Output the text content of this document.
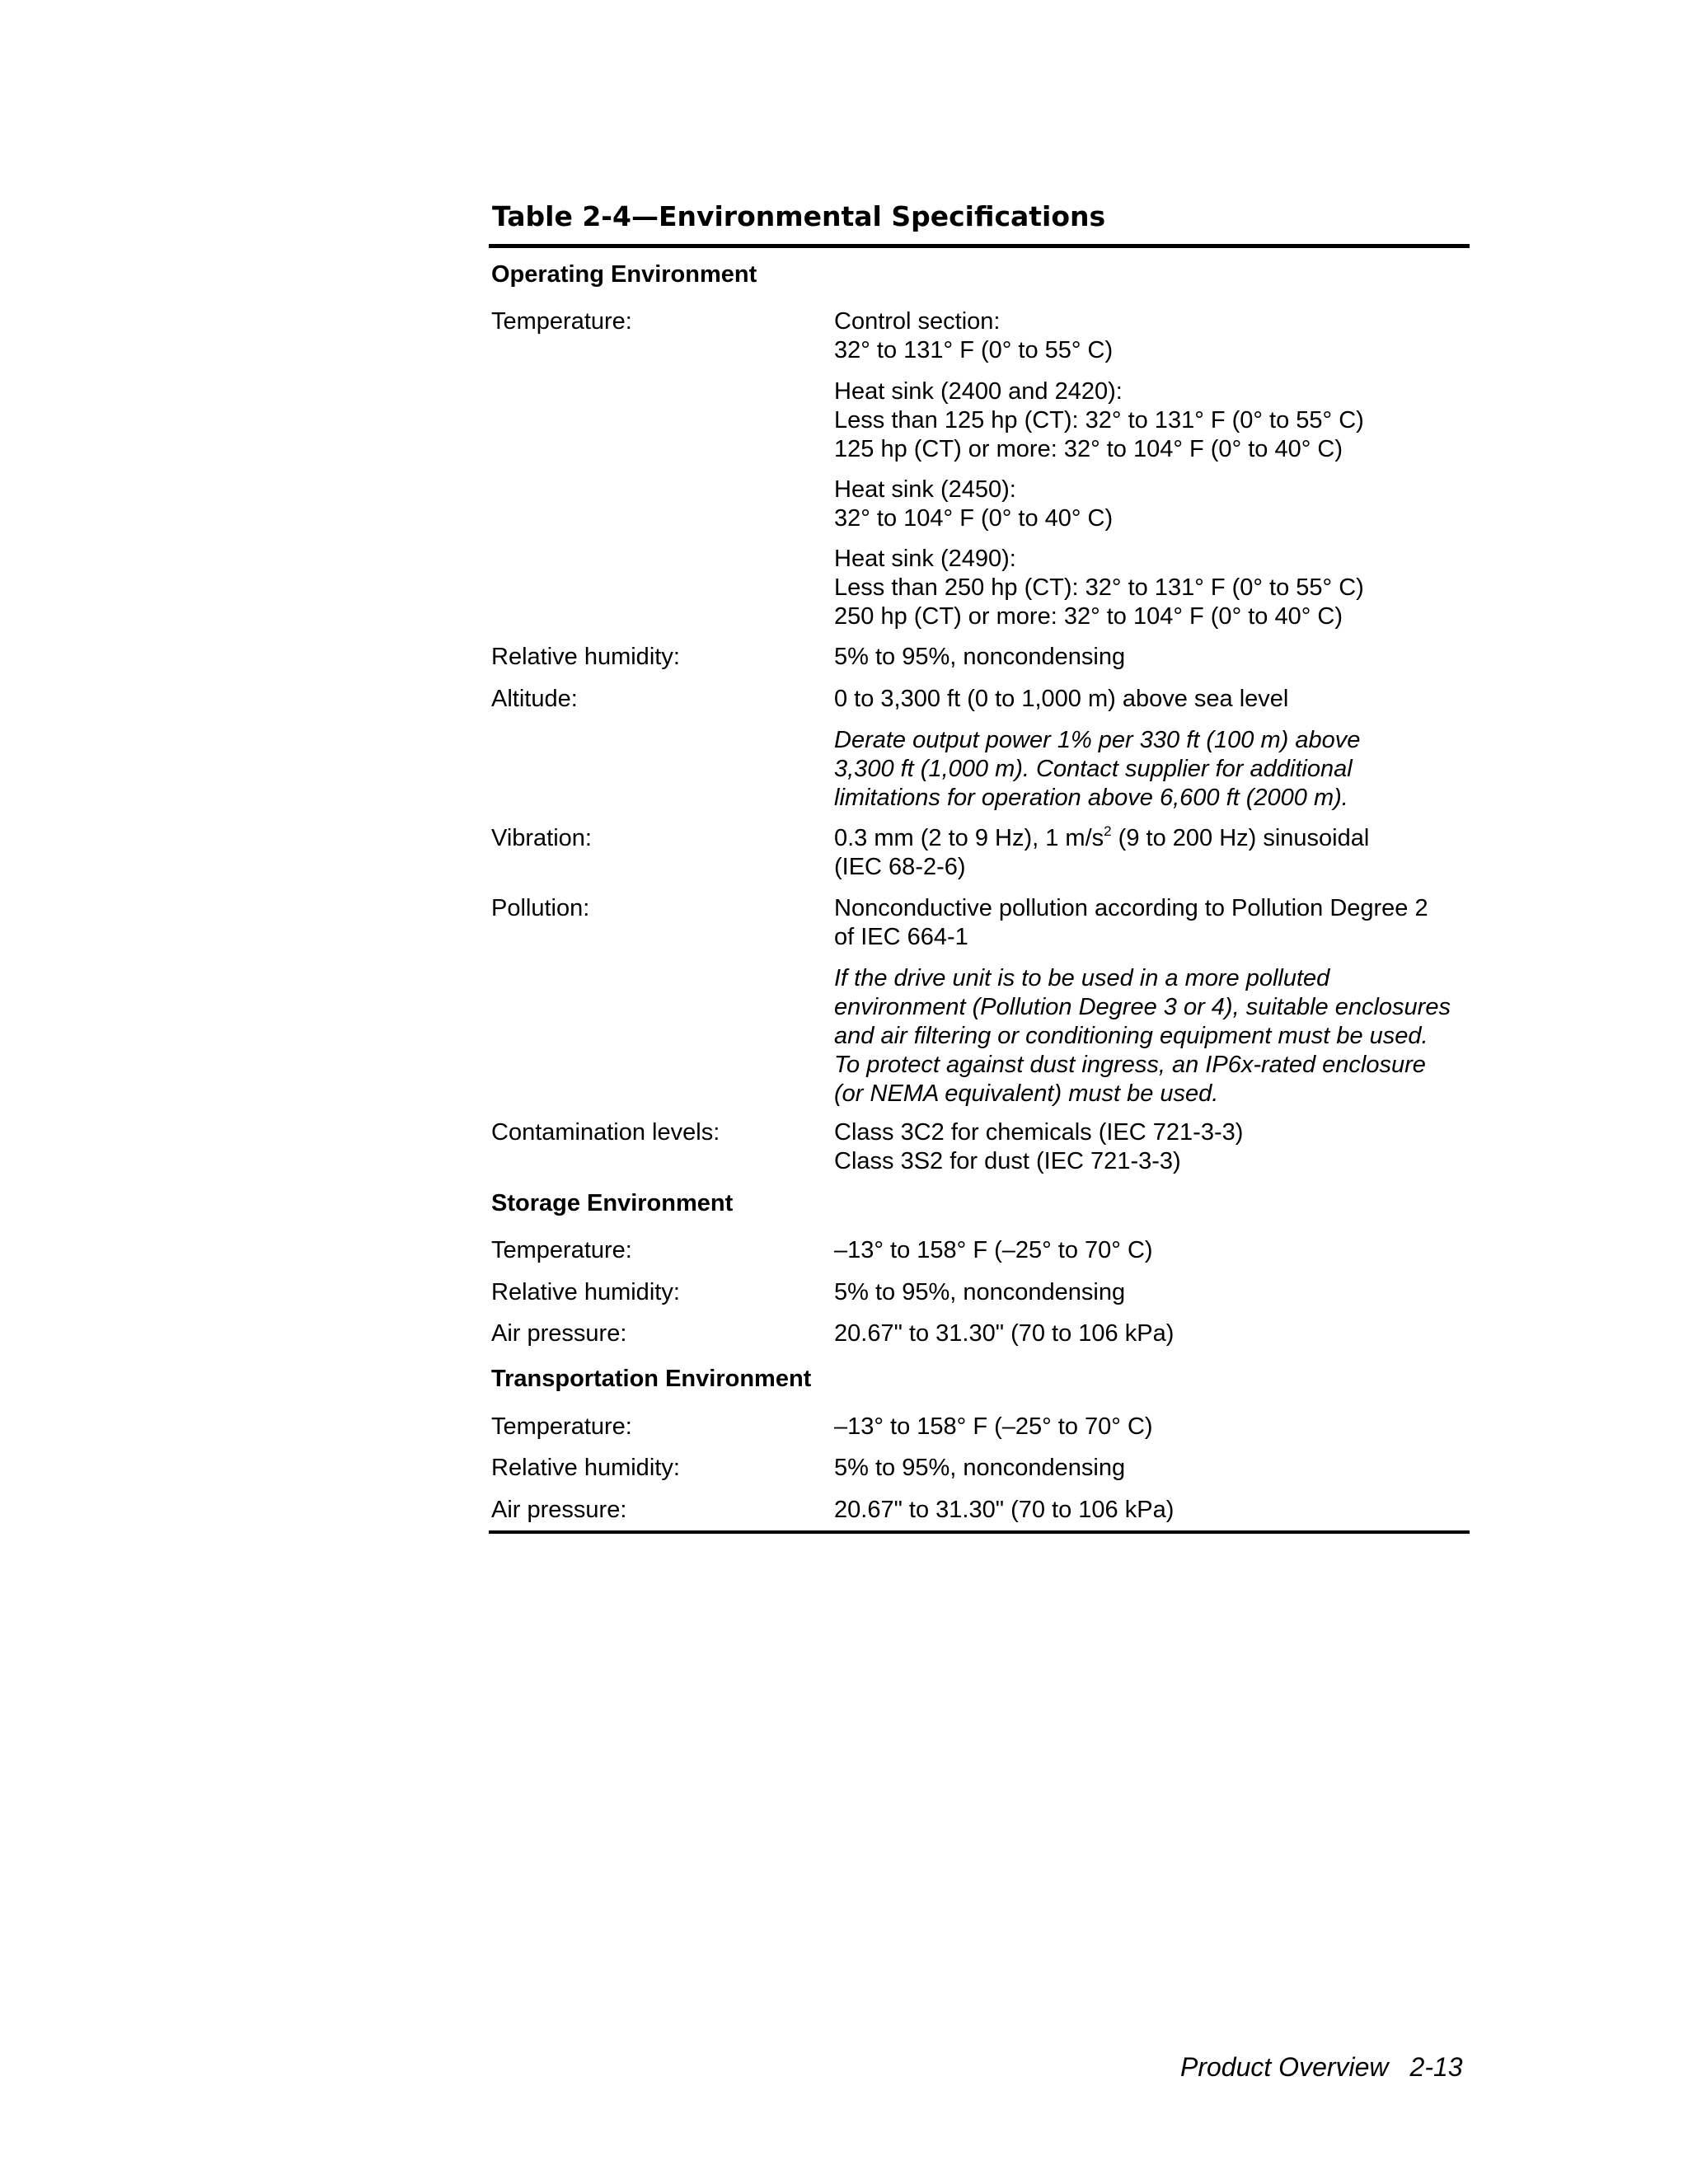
Table 2-4—Environmental Specifications
Operating Environment
Temperature:	Control section:
32° to 131° F (0° to 55° C)
Heat sink (2400 and 2420):
Less than 125 hp (CT): 32° to 131° F (0° to 55° C)
125 hp (CT) or more: 32° to 104° F (0° to 40° C)
Heat sink (2450):
32° to 104° F (0° to 40° C)
Heat sink (2490):
Less than 250 hp (CT): 32° to 131° F (0° to 55° C)
250 hp (CT) or more: 32° to 104° F (0° to 40° C)
Relative humidity:	5% to 95%, noncondensing
Altitude:	0 to 3,300 ft (0 to 1,000 m) above sea level
Derate output power 1% per 330 ft (100 m) above
3,300 ft (1,000 m). Contact supplier for additional
limitations for operation above 6,600 ft (2000 m).
Vibration:	0.3 mm (2 to 9 Hz), 1 $m/s^2$ (9 to 200 Hz) sinusoidal
(IEC 68-2-6)
Pollution:	Nonconductive pollution according to Pollution Degree 2
of IEC 664-1
If the drive unit is to be used in a more polluted
environment (Pollution Degree 3 or 4), suitable enclosures
and air filtering or conditioning equipment must be used.
To protect against dust ingress, an IP6x-rated enclosure
(or NEMA equivalent) must be used.
Contamination levels:	Class 3C2 for chemicals (IEC 721-3-3)
Class 3S2 for dust (IEC 721-3-3)
Storage Environment
Temperature:	–13° to 158° F (–25° to 70° C)
Relative humidity:	5% to 95%, noncondensing
Air pressure:	20.67" to 31.30" (70 to 106 kPa)
Transportation Environment
Temperature:	–13° to 158° F (–25° to 70° C)
Relative humidity:	5% to 95%, noncondensing
Air pressure:	20.67" to 31.30" (70 to 106 kPa)
Product Overview 2-13
